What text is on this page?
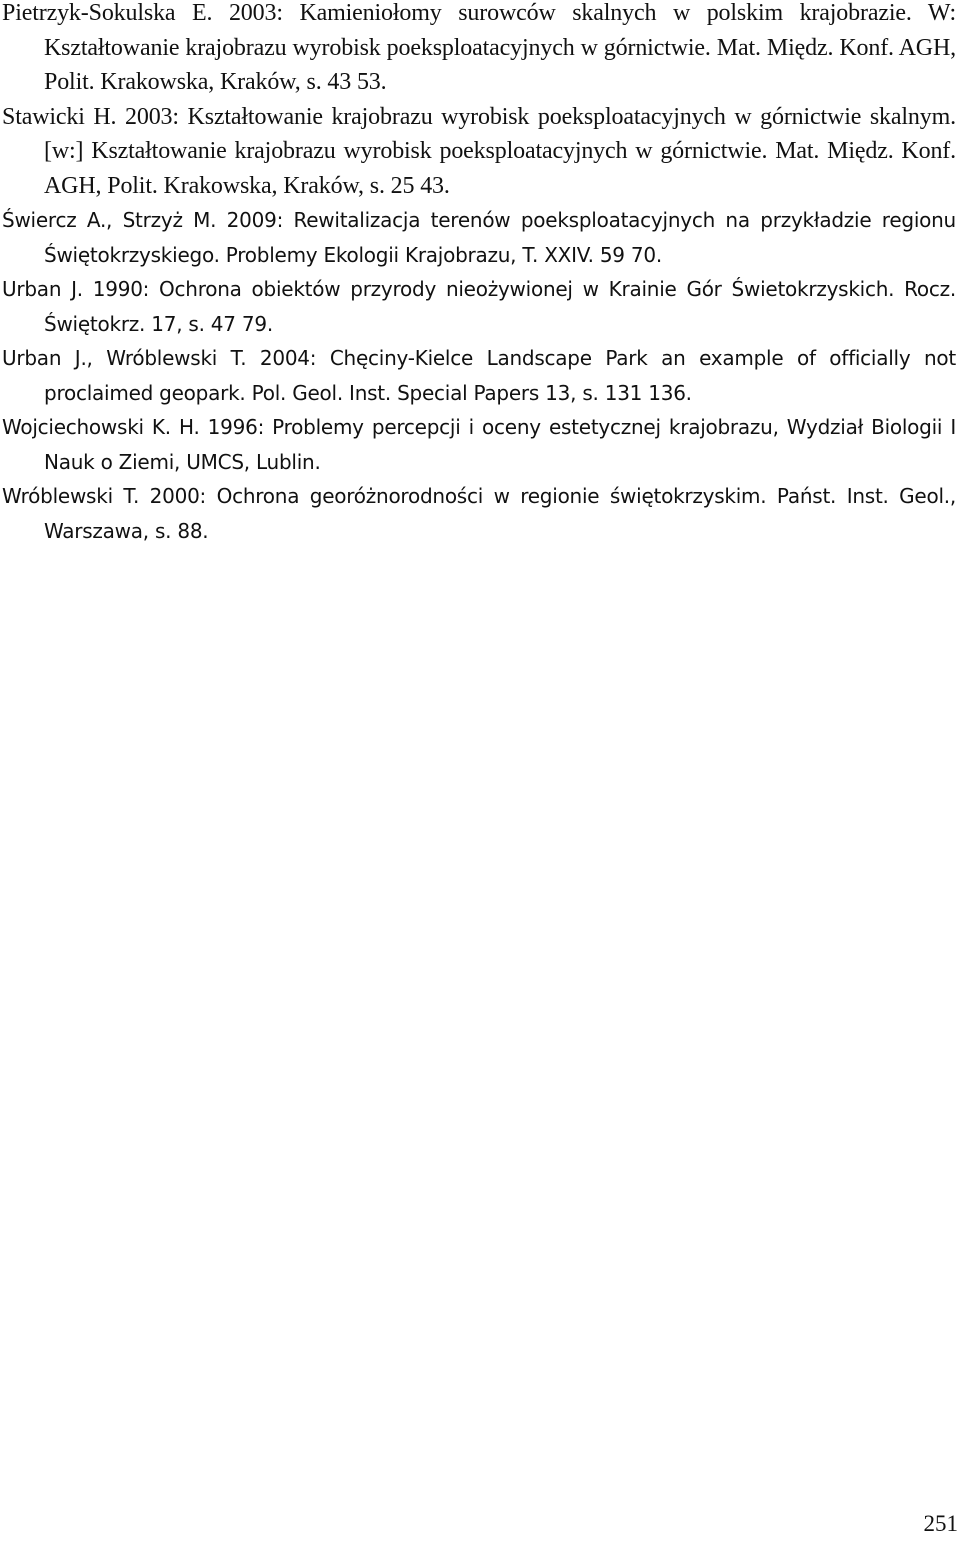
Pietrzyk-Sokulska E. 2003: Kamieniołomy surowców skalnych w polskim krajobrazie. W: Kształtowanie krajobrazu wyrobisk poeksploatacyjnych w górnictwie. Mat. Międz. Konf. AGH, Polit. Krakowska, Kraków, s. 43 53.
Stawicki H. 2003: Kształtowanie krajobrazu wyrobisk poeksploatacyjnych w górnictwie skalnym. [w:] Kształtowanie krajobrazu wyrobisk poeksploatacyjnych w górnictwie. Mat. Międz. Konf. AGH, Polit. Krakowska, Kraków, s. 25 43.
Świercz A., Strzyż M. 2009: Rewitalizacja terenów poeksploatacyjnych na przykładzie regionu Świętokrzyskiego. Problemy Ekologii Krajobrazu, T. XXIV. 59 70.
Urban J. 1990: Ochrona obiektów przyrody nieożywionej w Krainie Gór Świetokrzyskich. Rocz. Świętokrz. 17, s. 47 79.
Urban J., Wróblewski T. 2004: Chęciny-Kielce Landscape Park an example of officially not proclaimed geopark. Pol. Geol. Inst. Special Papers 13, s. 131 136.
Wojciechowski K. H. 1996: Problemy percepcji i oceny estetycznej krajobrazu, Wydział Biologii I Nauk o Ziemi, UMCS, Lublin.
Wróblewski T. 2000: Ochrona georóżnorodności w regionie świętokrzyskim. Państ. Inst. Geol., Warszawa, s. 88.
251
